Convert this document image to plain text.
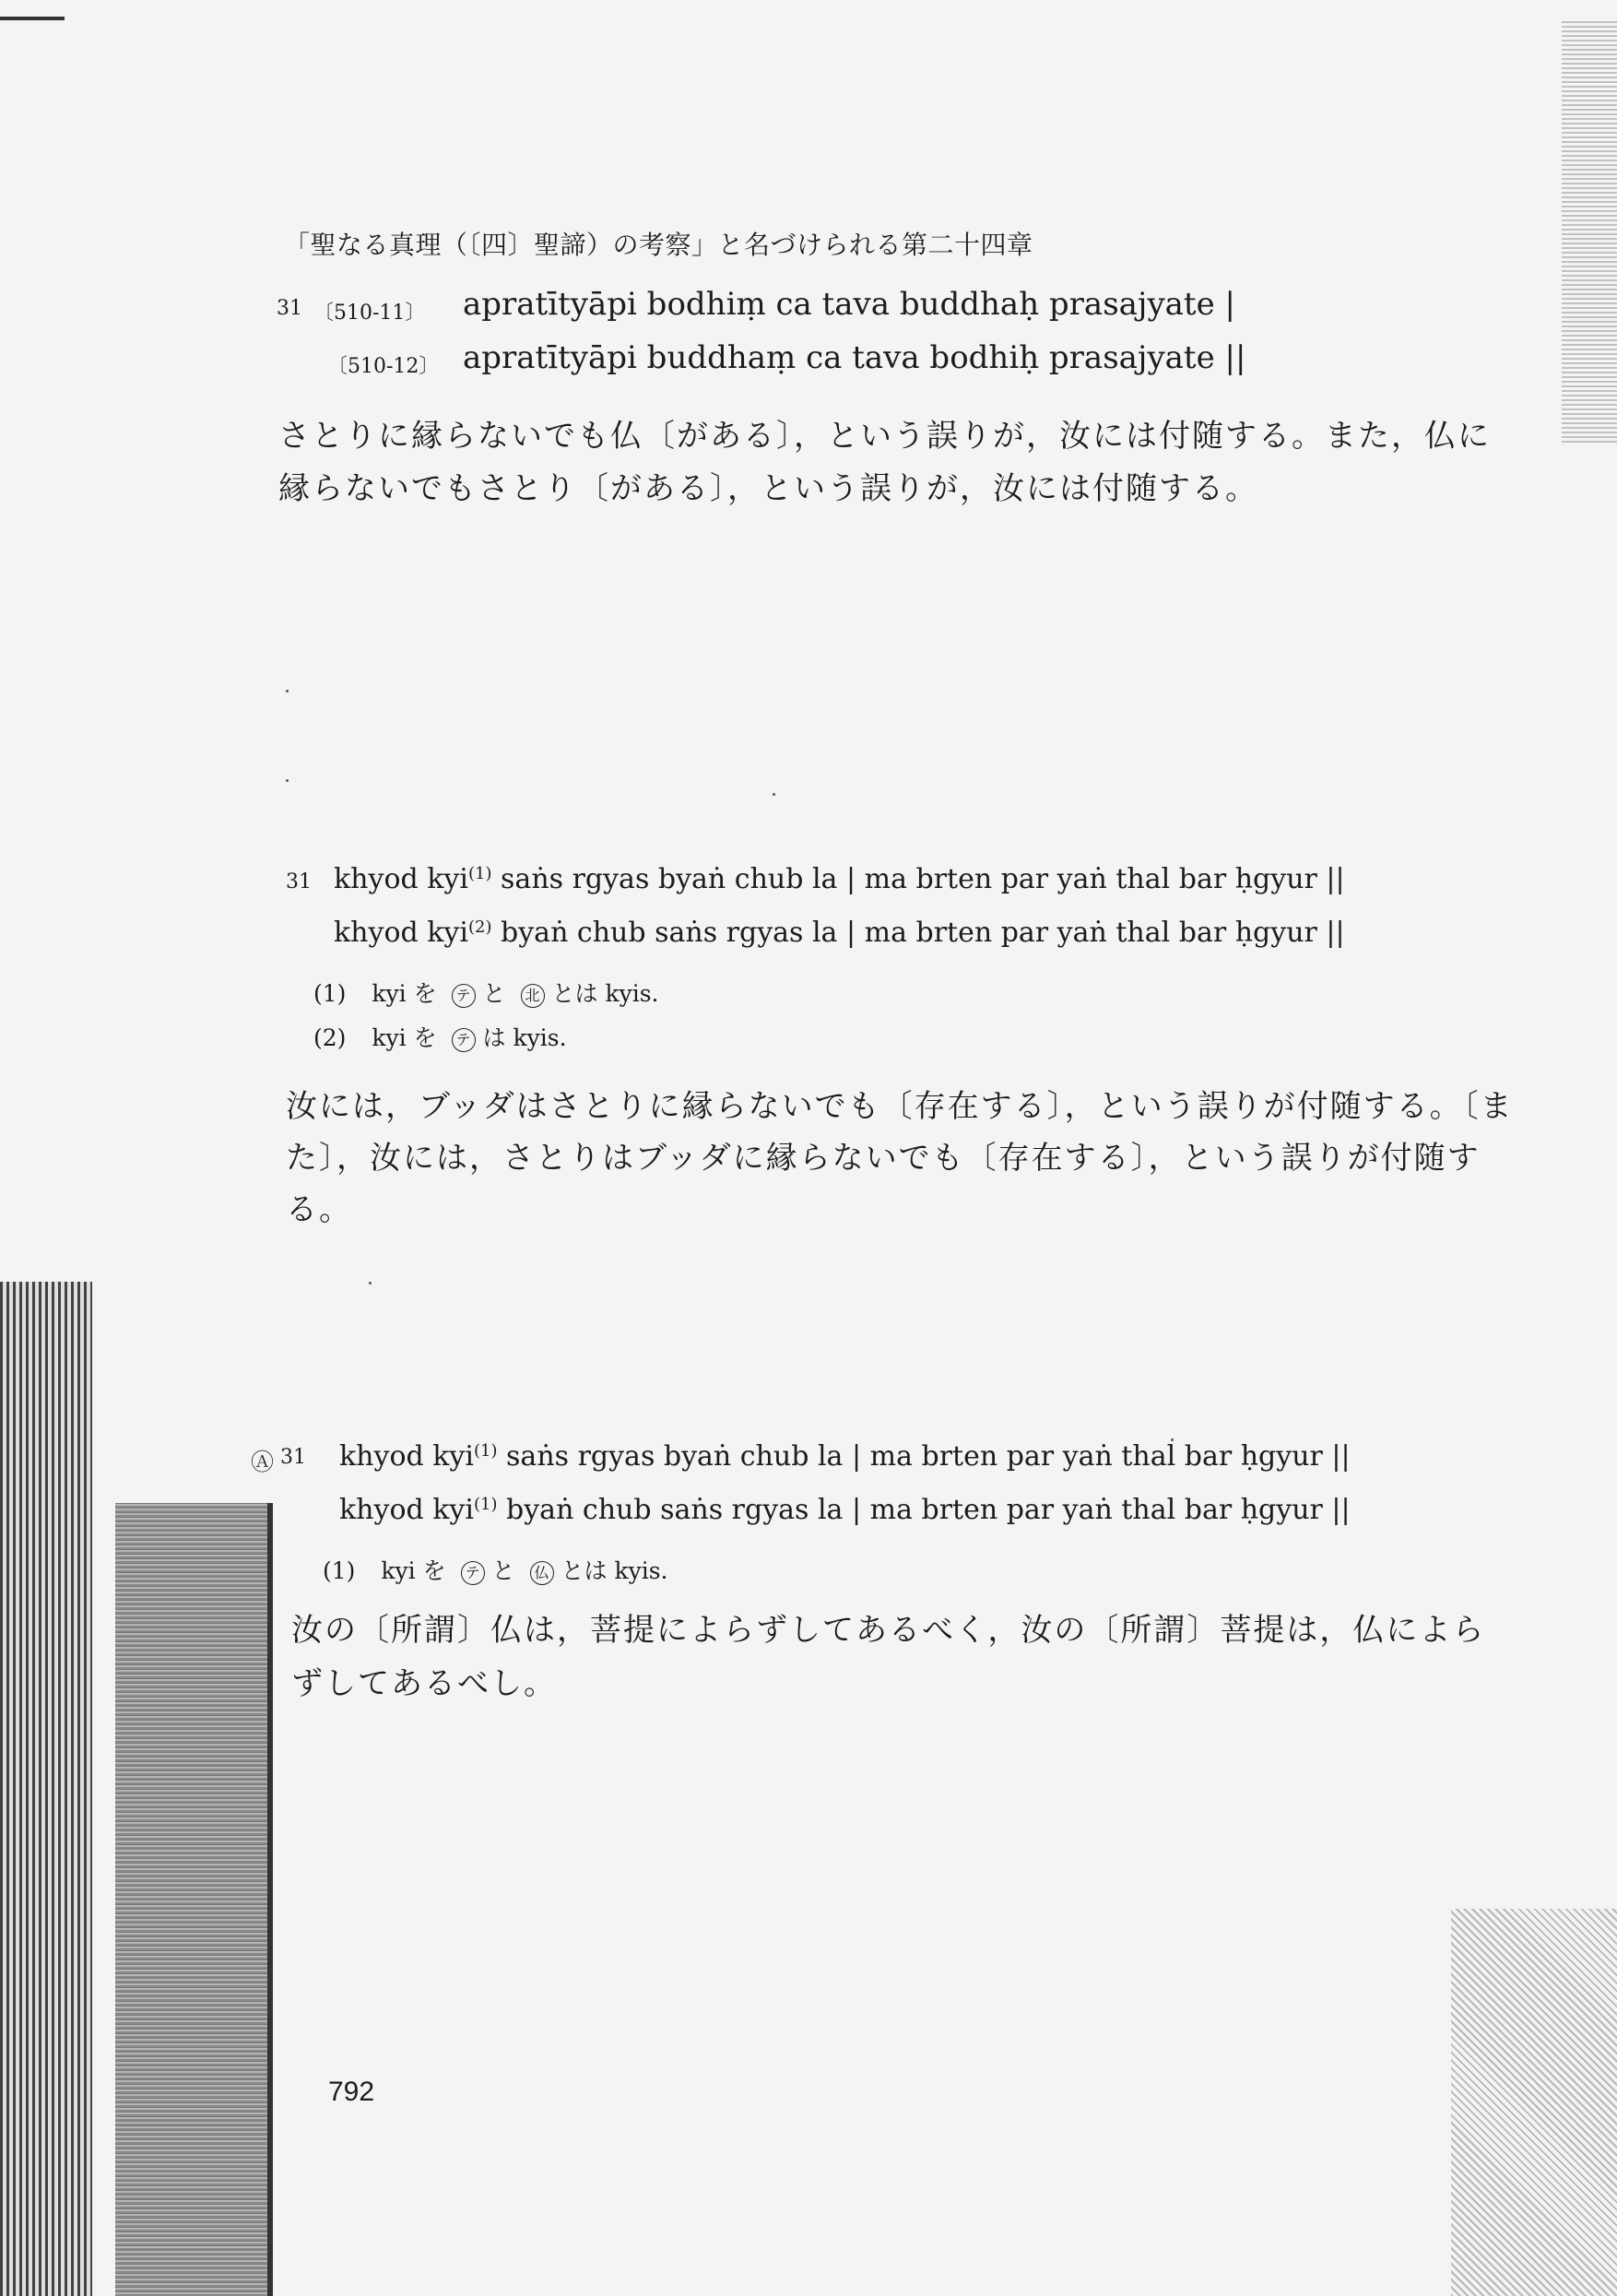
「聖なる真理（〔四〕聖諦）の考察」と名づけられる第二十四章
31 〔510-11〕 apratītyāpi bodhiṃ ca tava buddhaḥ prasajyate |
〔510-12〕 apratītyāpi buddhaṃ ca tava bodhiḥ prasajyate ||
さとりに縁らないでも仏〔がある〕，という誤りが，汝には付随する。また，仏に
縁らないでもさとり〔がある〕，という誤りが，汝には付随する。
31 khyod kyi$^{(1)}$ saṅs rgyas byaṅ chub la | ma brten par yaṅ thal bar ḥgyur ||
khyod kyi$^{(2)}$ byaṅ chub saṅs rgyas la | ma brten par yaṅ thal bar ḥgyur ||
(1) kyi を テ と 北 とは kyis.
(2) kyi を テ は kyis.
汝には，ブッダはさとりに縁らないでも〔存在する〕，という誤りが付随する。〔ま
た〕，汝には，さとりはブッダに縁らないでも〔存在する〕，という誤りが付随す
る。
Ⓐ 31 khyod kyi$^{(1)}$ saṅs rgyas byaṅ chub la | ma brten par yaṅ thal bar ḥgyur ||
khyod kyi$^{(1)}$ byaṅ chub saṅs rgyas la | ma brten par yaṅ thal bar ḥgyur ||
(1) kyi を テ と 仏 とは kyis.
汝の〔所謂〕仏は，菩提によらずしてあるべく，汝の〔所謂〕菩提は，仏によら
ずしてあるべし。
792
